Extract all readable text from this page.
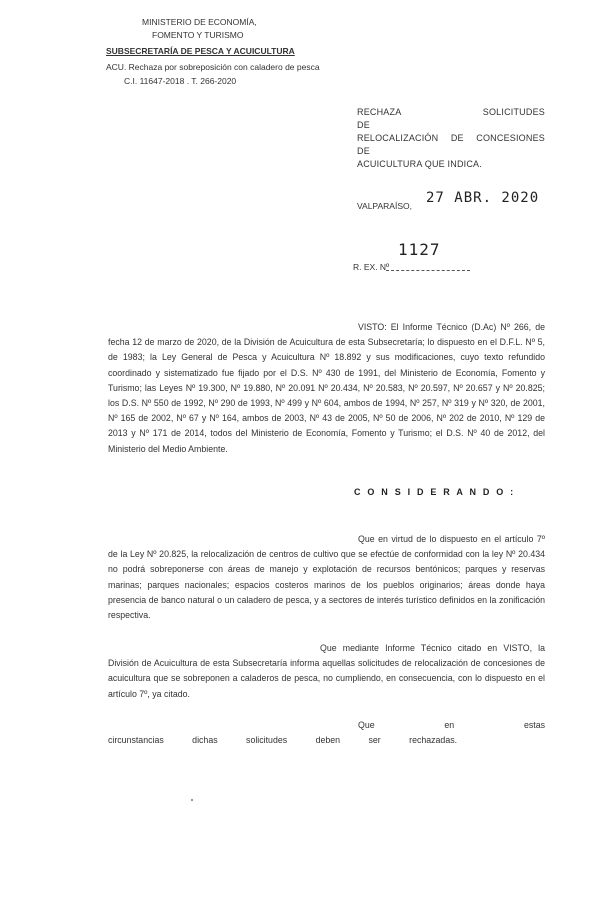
MINISTERIO DE ECONOMÍA,
FOMENTO Y TURISMO
SUBSECRETARÍA DE PESCA Y ACUICULTURA
ACU. Rechaza por sobreposición con caladero de pesca
C.I. 11647-2018 . T. 266-2020
RECHAZA SOLICITUDES DE
RELOCALIZACIÓN DE CONCESIONES DE
ACUICULTURA QUE INDICA.
VALPARAÍSO, 27 ABR. 2020
1127
R. EX. Nº
VISTO: El Informe Técnico (D.Ac) Nº 266, de fecha 12 de marzo de 2020, de la División de Acuicultura de esta Subsecretaría; lo dispuesto en el D.F.L. Nº 5, de 1983; la Ley General de Pesca y Acuicultura Nº 18.892 y sus modificaciones, cuyo texto refundido coordinado y sistematizado fue fijado por el D.S. Nº 430 de 1991, del Ministerio de Economía, Fomento y Turismo; las Leyes Nº 19.300, Nº 19.880, Nº 20.091 Nº 20.434, Nº 20.583, Nº 20.597, Nº 20.657 y Nº 20.825; los D.S. Nº 550 de 1992, Nº 290 de 1993, Nº 499 y Nº 604, ambos de 1994, Nº 257, Nº 319 y Nº 320, de 2001, Nº 165 de 2002, Nº 67 y Nº 164, ambos de 2003, Nº 43 de 2005, Nº 50 de 2006, Nº 202 de 2010, Nº 129 de 2013 y Nº 171 de 2014, todos del Ministerio de Economía, Fomento y Turismo; el D.S. Nº 40 de 2012, del Ministerio del Medio Ambiente.
C O N S I D E R A N D O :
Que en virtud de lo dispuesto en el artículo 7º de la Ley Nº 20.825, la relocalización de centros de cultivo que se efectúe de conformidad con la ley Nº 20.434 no podrá sobreponerse con áreas de manejo y explotación de recursos bentónicos; parques y reservas marinas; parques nacionales; espacios costeros marinos de los pueblos originarios; áreas donde haya presencia de banco natural o un caladero de pesca, y a sectores de interés turístico definidos en la zonificación respectiva.
Que mediante Informe Técnico citado en VISTO, la División de Acuicultura de esta Subsecretaría informa aquellas solicitudes de relocalización de concesiones de acuicultura que se sobreponen a caladeros de pesca, no cumpliendo, en consecuencia, con lo dispuesto en el artículo 7º, ya citado.
Que en estas circunstancias dichas solicitudes deben ser rechazadas.
